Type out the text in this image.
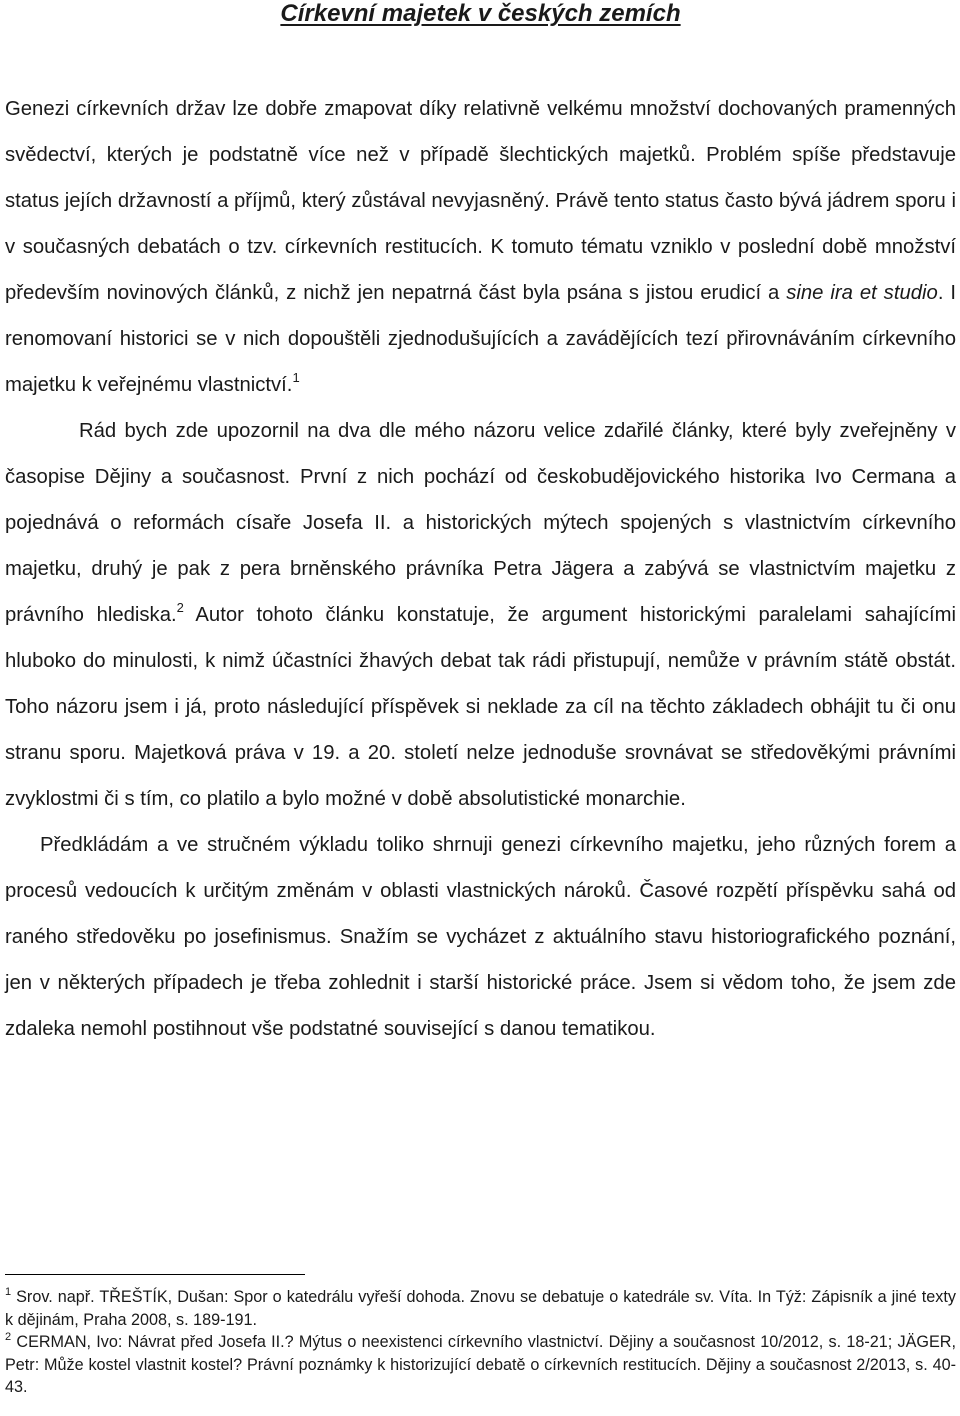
Církevní majetek v českých zemích

Genezi církevních držav lze dobře zmapovat díky relativně velkému množství dochovaných pramenných svědectví, kterých je podstatně více než v případě šlechtických majetků. Problém spíše představuje status jejích državností a příjmů, který zůstával nevyjasněný. Právě tento status často bývá jádrem sporu i v současných debatách o tzv. církevních restitucích. K tomuto tématu vzniklo v poslední době množství především novinových článků, z nichž jen nepatrná část byla psána s jistou erudicí a sine ira et studio. I renomovaní historici se v nich dopouštěli zjednodušujících a zavádějících tezí přirovnáváním církevního majetku k veřejnému vlastnictví.$^1$

Rád bych zde upozornil na dva dle mého názoru velice zdařilé články, které byly zveřejněny v časopise Dějiny a současnost. První z nich pochází od českobudějovického historika Ivo Cermana a pojednává o reformách císaře Josefa II. a historických mýtech spojených s vlastnictvím církevního majetku, druhý je pak z pera brněnského právníka Petra Jägera a zabývá se vlastnictvím majetku z právního hlediska.$^2$ Autor tohoto článku konstatuje, že argument historickými paralelami sahajícími hluboko do minulosti, k nimž účastníci žhavých debat tak rádi přistupují, nemůže v právním státě obstát. Toho názoru jsem i já, proto následující příspěvek si neklade za cíl na těchto základech obhájit tu či onu stranu sporu. Majetková práva v 19. a 20. století nelze jednoduše srovnávat se středověkými právními zvyklostmi či s tím, co platilo a bylo možné v době absolutistické monarchie.

Předkládám a ve stručném výkladu toliko shrnuji genezi církevního majetku, jeho různých forem a procesů vedoucích k určitým změnám v oblasti vlastnických nároků. Časové rozpětí příspěvku sahá od raného středověku po josefinismus. Snažím se vycházet z aktuálního stavu historiografického poznání, jen v některých případech je třeba zohlednit i starší historické práce. Jsem si vědom toho, že jsem zde zdaleka nemohl postihnout vše podstatné související s danou tematikou.

$^1$ Srov. např. TŘEŠTÍK, Dušan: Spor o katedrálu vyřeší dohoda. Znovu se debatuje o katedrále sv. Víta. In Týž: Zápisník a jiné texty k dějinám, Praha 2008, s. 189-191.

$^2$ CERMAN, Ivo: Návrat před Josefa II.? Mýtus o neexistenci církevního vlastnictví. Dějiny a současnost 10/2012, s. 18-21; JÄGER, Petr: Může kostel vlastnit kostel? Právní poznámky k historizující debatě o církevních restitucích. Dějiny a současnost 2/2013, s. 40-43.
